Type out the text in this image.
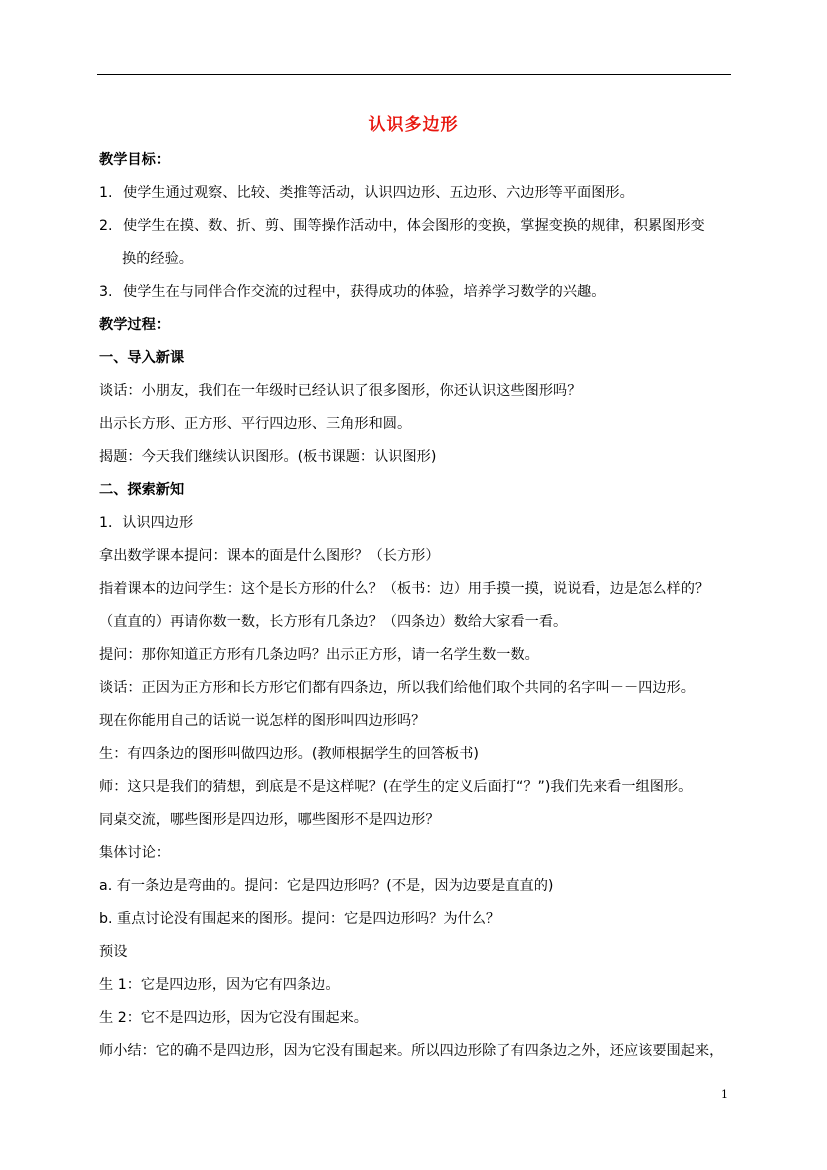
认识多边形
教学目标：
1. 使学生通过观察、比较、类推等活动，认识四边形、五边形、六边形等平面图形。
2. 使学生在摸、数、折、剪、围等操作活动中，体会图形的变换，掌握变换的规律，积累图形变
换的经验。
3. 使学生在与同伴合作交流的过程中，获得成功的体验，培养学习数学的兴趣。
教学过程：
一、导入新课
谈话：小朋友，我们在一年级时已经认识了很多图形，你还认识这些图形吗？
出示长方形、正方形、平行四边形、三角形和圆。
揭题：今天我们继续认识图形。(板书课题：认识图形)
二、探索新知
1．认识四边形
拿出数学课本提问：课本的面是什么图形？（长方形）
指着课本的边问学生：这个是长方形的什么？（板书：边）用手摸一摸，说说看，边是怎么样的？
（直直的）再请你数一数，长方形有几条边？（四条边）数给大家看一看。
提问：那你知道正方形有几条边吗？出示正方形，请一名学生数一数。
谈话：正因为正方形和长方形它们都有四条边，所以我们给他们取个共同的名字叫－－四边形。
现在你能用自己的话说一说怎样的图形叫四边形吗？
生：有四条边的图形叫做四边形。(教师根据学生的回答板书)
师：这只是我们的猜想，到底是不是这样呢？(在学生的定义后面打“？”)我们先来看一组图形。
同桌交流，哪些图形是四边形，哪些图形不是四边形？
集体讨论：
a. 有一条边是弯曲的。提问：它是四边形吗？(不是，因为边要是直直的)
b. 重点讨论没有围起来的图形。提问：它是四边形吗？为什么？
预设
生 1：它是四边形，因为它有四条边。
生 2：它不是四边形，因为它没有围起来。
师小结：它的确不是四边形，因为它没有围起来。所以四边形除了有四条边之外，还应该要围起来，
1
